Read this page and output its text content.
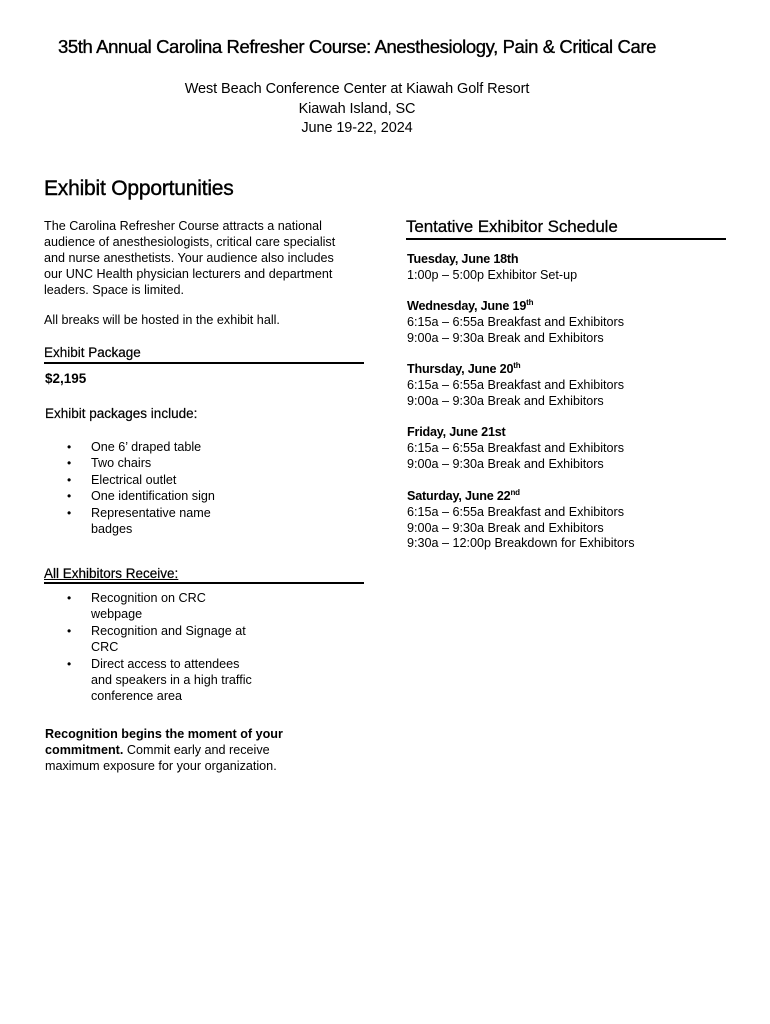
35th Annual Carolina Refresher Course: Anesthesiology, Pain & Critical Care
West Beach Conference Center at Kiawah Golf Resort
Kiawah Island, SC
June 19-22, 2024
Exhibit Opportunities
The Carolina Refresher Course attracts a national audience of anesthesiologists, critical care specialist and nurse anesthetists. Your audience also includes our UNC Health physician lecturers and department leaders. Space is limited.
All breaks will be hosted in the exhibit hall.
Exhibit Package
$2,195
Exhibit packages include:
• One 6’ draped table
• Two chairs
• Electrical outlet
• One identification sign
• Representative name badges
All Exhibitors Receive:
• Recognition on CRC webpage
• Recognition and Signage at CRC
• Direct access to attendees and speakers in a high traffic conference area
Recognition begins the moment of your commitment. Commit early and receive maximum exposure for your organization.
Tentative Exhibitor Schedule
Tuesday, June 18th
1:00p – 5:00p Exhibitor Set-up
Wednesday, June 19th
6:15a – 6:55a Breakfast and Exhibitors
9:00a – 9:30a Break and Exhibitors
Thursday, June 20th
6:15a – 6:55a Breakfast and Exhibitors
9:00a – 9:30a Break and Exhibitors
Friday, June 21st
6:15a – 6:55a Breakfast and Exhibitors
9:00a – 9:30a Break and Exhibitors
Saturday, June 22nd
6:15a – 6:55a Breakfast and Exhibitors
9:00a – 9:30a Break and Exhibitors
9:30a – 12:00p Breakdown for Exhibitors
